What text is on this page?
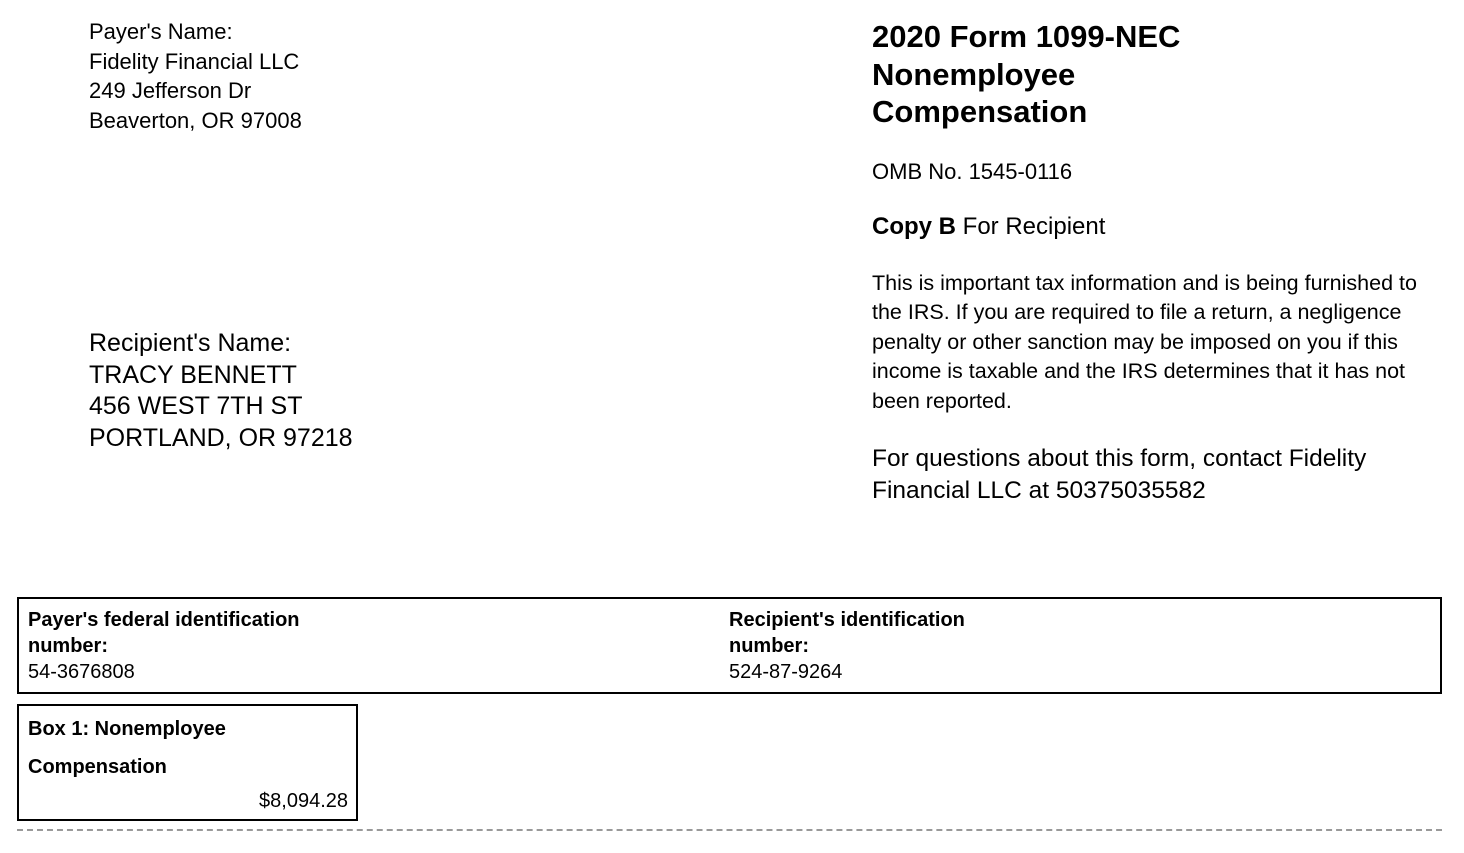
Payer's Name:
Fidelity Financial LLC
249 Jefferson Dr
Beaverton, OR 97008
Recipient's Name:
TRACY BENNETT
456 WEST 7TH ST
PORTLAND, OR 97218
2020 Form 1099-NEC Nonemployee Compensation
OMB No. 1545-0116
Copy B For Recipient
This is important tax information and is being furnished to the IRS. If you are required to file a return, a negligence penalty or other sanction may be imposed on you if this income is taxable and the IRS determines that it has not been reported.
For questions about this form, contact Fidelity Financial LLC at 50375035582
Payer's federal identification number:
54-3676808
Recipient's identification number:
524-87-9264
Box 1: Nonemployee Compensation
$8,094.28
